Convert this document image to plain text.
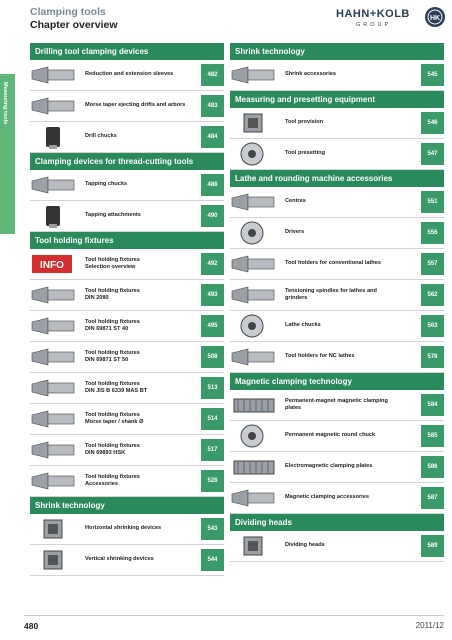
Clamping tools
Chapter overview
HAHN+KOLB
GROUP
HK
Measuring tools
Drilling tool clamping devices
Reduction and extension sleeves	482
Morse taper ejecting drifts and arbors	483
Drill chucks	484
Clamping devices for thread-cutting tools
Tapping chucks	488
Tapping attachments	490
Tool holding fixtures
INFO
Tool holding fixtures
Selection overview	492
Tool holding fixtures
DIN 2080	493
Tool holding fixtures
DIN 69871 ST 40	495
Tool holding fixtures
DIN 69871 ST 50	508
Tool holding fixtures
DIN JIS B 6339 MAS BT	513
Tool holding fixtures
Morse taper / shank Ø	514
Tool holding fixtures
DIN 69893 HSK	517
Tool holding fixtures
Accessories	528
Shrink technology
Horizontal shrinking devices	543
Vertical shrinking devices	544
Shrink technology
Shrink accessories	545
Measuring and presetting equipment
Tool provision	546
Tool presetting	547
Lathe and rounding machine accessories
Centres	551
Drivers	556
Tool holders for conventional lathes	557
Tensioning spindles for lathes and
grinders	562
Lathe chucks	563
Tool holders for NC lathes	578
Magnetic clamping technology
Permanent-magnet magnetic clamping
plates	584
Permanent magnetic round chuck	585
Electromagnetic clamping plates	586
Magnetic clamping accessories	587
Dividing heads
Dividing heads	589
480	2011/12
